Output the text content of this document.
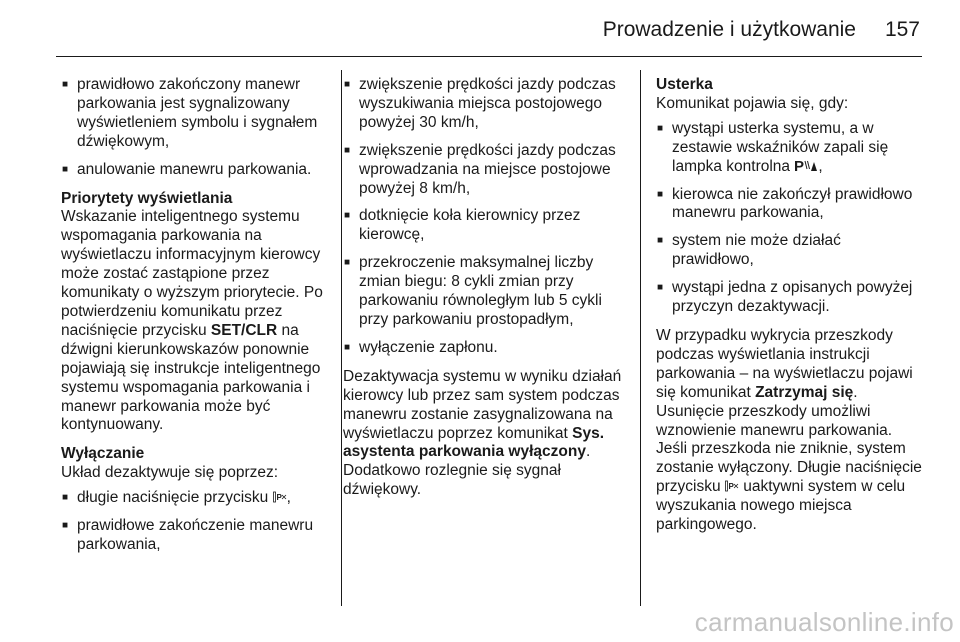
Prowadzenie i użytkowanie 157
■ prawidłowo zakończony manewr parkowania jest sygnalizowany wyświetleniem symbolu i sygnałem dźwiękowym,
■ anulowanie manewru parkowania.
Priorytety wyświetlania

Wskazanie inteligentnego systemu wspomagania parkowania na wyświetlaczu informacyjnym kierowcy może zostać zastąpione przez komunikaty o wyższym priorytecie. Po potwierdzeniu komunikatu przez naciśnięcie przycisku SET/CLR na dźwigni kierunkowskazów ponownie pojawiają się instrukcje inteligentnego systemu wspomagania parkowania i manewr parkowania może być kontynuowany.

Wyłączanie

Układ dezaktywuje się poprzez:

■ długie naciśnięcie przycisku P ,
■ prawidłowe zakończenie manewru parkowania,
■ zwiększenie prędkości jazdy podczas wyszukiwania miejsca postojowego powyżej 30 km/h,
■ zwiększenie prędkości jazdy podczas wprowadzania na miejsce postojowe powyżej 8 km/h,
■ dotknięcie koła kierownicy przez kierowcę,
■ przekroczenie maksymalnej liczby zmian biegu: 8 cykli zmian przy parkowaniu równoległym lub 5 cykli przy parkowaniu prostopadłym,
■ wyłączenie zapłonu.

Dezaktywacja systemu w wyniku działań kierowcy lub przez sam system podczas manewru zostanie zasygnalizowana na wyświetlaczu poprzez komunikat Sys. asystenta parkowania wyłączony. Dodatkowo rozlegnie się sygnał dźwiękowy.

Usterka

Komunikat pojawia się, gdy:

■ wystąpi usterka systemu, a w zestawie wskaźników zapali się lampka kontrolna P ,
■ kierowca nie zakończył prawidłowo manewru parkowania,
■ system nie może działać prawidłowo,
■ wystąpi jedna z opisanych powyżej przyczyn dezaktywacji.

W przypadku wykrycia przeszkody podczas wyświetlania instrukcji parkowania – na wyświetlaczu pojawi się komunikat Zatrzymaj się.

Usunięcie przeszkody umożliwi wznowienie manewru parkowania. Jeśli przeszkoda nie zniknie, system zostanie wyłączony. Długie naciśnięcie przycisku P uaktywni system w celu wyszukania nowego miejsca parkingowego.

carmanualsonline.info
